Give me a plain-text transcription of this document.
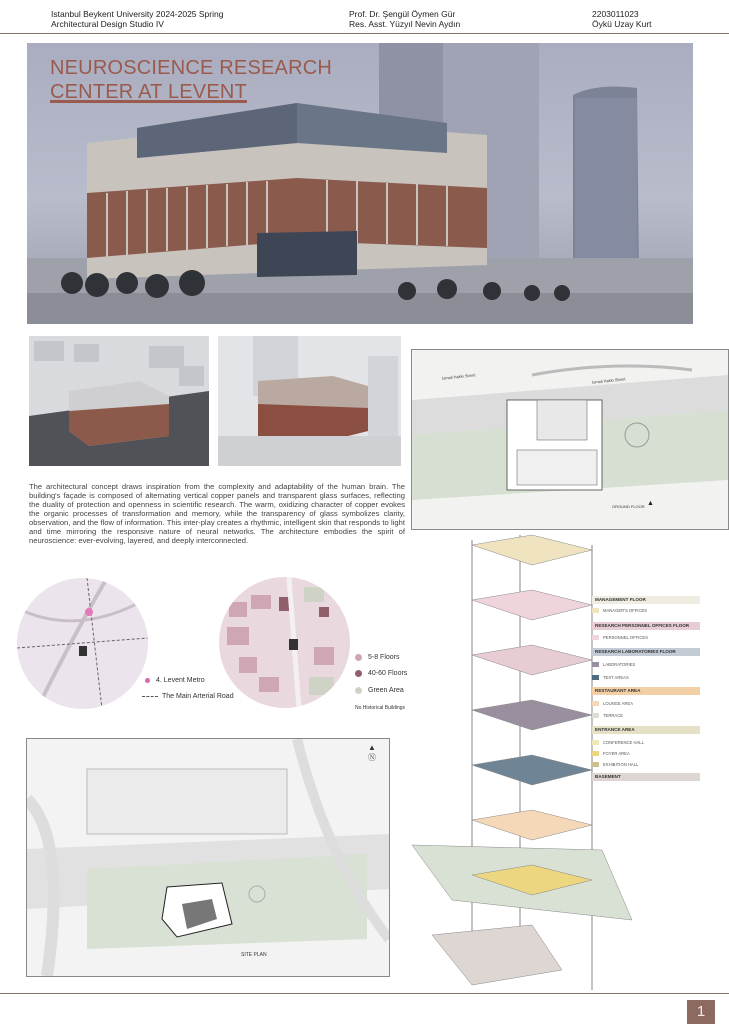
Istanbul Beykent University 2024-2025 Spring
Architectural Design Studio IV
Prof. Dr. Şengül Öymen Gür
Res. Asst. Yüzyıl Nevin Aydın
2203011023
Öykü Uzay Kurt
NEUROSCIENCE RESEARCH
CENTER AT LEVENT
İsmail Hakkı Street	İsmail Hakkı Street
GROUND FLOOR ▲
The architectural concept draws inspiration from the complexity and adaptability of the human brain. The building's façade is composed of alternating vertical copper panels and transparent glass surfaces, reflecting the duality of protection and openness in scientific research. The warm, oxidizing character of copper evokes the organic processes of transformation and memory, while the transparency of glass symbolizes clarity, observation, and the flow of information. This inter-play creates a rhythmic, intelligent skin that responds to light and time mirroring the responsive nature of neural networks. The architecture embodies the spirit of neuroscience: ever-evolving, layered, and deeply interconnected.
4. Levent Metro
The Main Arterial Road
5-8 Floors
40-60 Floors
Green Area
No Historical Buildings
▲
Ⓝ
SITE PLAN
MANAGEMENT FLOOR
MANAGER'S OFFICES
RESEARCH PERSONNEL OFFICES FLOOR
PERSONNEL OFFICES
RESEARCH LABORATORIES FLOOR
LABORATORIES
TEST AREAS
RESTAURANT AREA
LOUNGE AREA
TERRACE
ENTRANCE AREA
CONFERENCE HALL
FOYER AREA
EXHIBITION HALL
BASEMENT
1
